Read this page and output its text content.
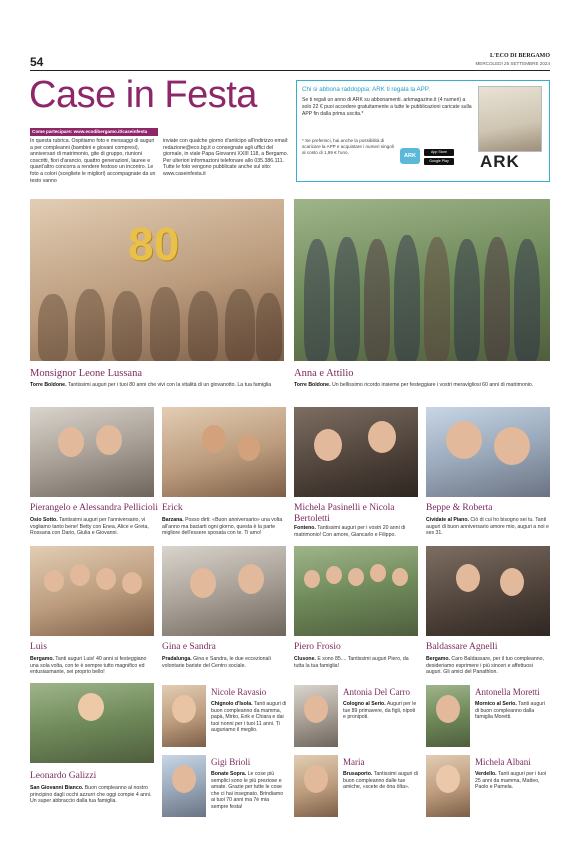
54	L'ECO DI BERGAMO
MERCOLEDÌ 25 SETTEMBRE 2024
Case in Festa
Come partecipare: www.ecodibergamo.it/caseinfesta
In questa rubrica. Ospitiamo foto e messaggi di auguri a per compleanni (bambini e giovani compresi), anniversari di matrimonio, gite di gruppo, riunioni coscritti, fiori d'arancio, quattro generazioni, lauree e quant'altro concorra a rendere festoso un incontro. Le foto a colori (scegliete le migliori) accompagnate da un testo vanno
inviate con qualche giorno d'anticipo all'indirizzo email: redazione@eco.bg.it o consegnate agli uffici del giornale, in viale Papa Giovanni XXIII 118, a Bergamo. Per ulteriori informazioni telefonare allo 035.386.111. Tutte le foto vengono pubblicate anche sul sito: www.caseinfesta.it
Chi si abbona raddoppia: ARK ti regala la APP.
Se ti regali un anno di ARK su abbonamenti. arkmagazine.it (4 numeri) a solo 22 € puoi accedere gratuitamente a tutte le pubblicazioni caricate sulla APP fin dalla prima uscita.*
* Se preferisci, hai anche la possibilità di scaricare la APP e acquistare i numeri singoli al costo di 1,99 € l'uno.
ARK
App Store
Google Play	ARK
80
Monsignor Leone Lussana
Torre Boldone. Tantissimi auguri per i tuoi 80 anni che vivi con la vitalità di un giovanotto. La tua famiglia
Anna e Attilio
Torre Boldone. Un bellissimo ricordo insieme per festeggiare i vostri meravigliosi 60 anni di matrimonio.
Pierangelo e Alessandra Pellicioli
Osio Sotto. Tantissimi auguri per l'anniversario, vi vogliamo tanto bene! Betty con Enea, Alice e Greta, Rossana con Dario, Giulia e Giovanni.
Erick
Barzana. Posso dirti: «Buon anniversario» una volta all'anno ma baciarti ogni giorno, questa è la parte migliore dell'essere sposata con te. Ti amo!
Michela Pasinelli e Nicola Bertoletti
Fonteno. Tantissimi auguri per i vostri 20 anni di matrimonio! Con amore, Giancarlo e Filippo.
Beppe & Roberta
Cividate al Piano. Ciò di cui ho bisogno sei tu. Tanti auguri di buon anniversario amore mio, auguri a noi e ses 31.
Luis
Bergamo. Tanti auguri Luis! 40 anni si festeggiano una sola volta, con te è sempre tutto magnifico ed entusiasmante, sei proprio bello!
Gina e Sandra
Pradalunga. Gina e Sandra, le due eccezionali volontarie bariste del Centro sociale.
Piero Frosio
Clusone. E sono 85.... Tantissimi auguri Piero, da tutta la tua famiglia!
Baldassare Agnelli
Bergamo. Caro Baldassare, per il tuo compleanno, desideriamo esprimere i più sinceri e affettuosi auguri. Gli amici del Panathlon.
Leonardo Galizzi
San Giovanni Bianco. Buon compleanno al nostro principino dagli occhi azzurri che oggi compie 4 anni. Un super abbraccio dalla tua famiglia.
Nicole Ravasio
Chignolo d'Isola. Tanti auguri di buon compleanno da mamma, papà, Mirko, Erik e Chiara e dai tuoi nonni per i tuoi 11 anni. Ti auguriamo il meglio.
Gigi Brioli
Bonate Sopra. Le cose più semplici sono le più preziose e amate. Grazie per tutte le cose che ci hai insegnato. Brindiamo ai tuoi 70 anni ma 7è mia sempre festa!
Antonia Del Carro
Cologno al Serio. Auguri per le tue 89 primavere, da figli, nipoti e pronipoti.
Maria
Brusaporto. Tantissimi auguri di buon compleanno dalle tue amiche, «scete de öna ölta».
Antonella Moretti
Mornico al Serio. Tanti auguri di buon compleanno dalla famiglia Moretti.
Michela Albani
Verdello. Tanti auguri per i tuoi 25 anni da mamma, Matteo, Paolo e Pamela.
